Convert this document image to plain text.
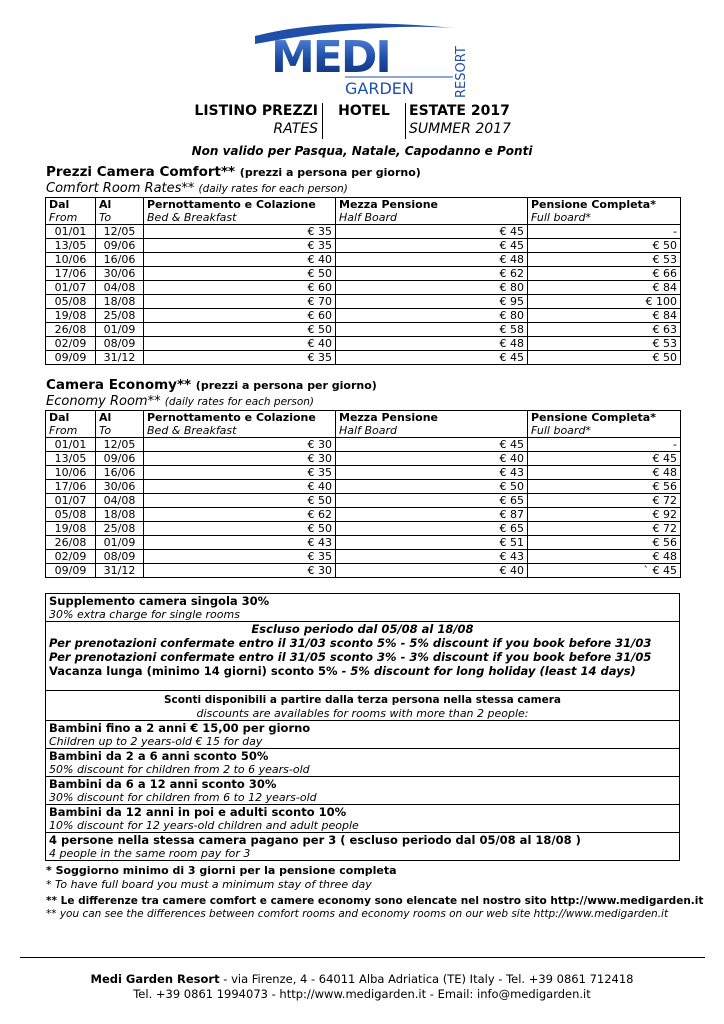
MEDI
GARDEN	RESORT
LISTINO PREZZI HOTEL ESTATE 2017
RATES	SUMMER 2017
Non valido per Pasqua, Natale, Capodanno e Ponti
Prezzi Camera Comfort** (prezzi a persona per giorno)
Comfort Room Rates** (daily rates for each person)
Dal	Al	Pernottamento e Colazione	Mezza Pensione	Pensione Completa*
From	To	Bed & Breakfast	Half Board	Full board*
01/01	12/05	€ 35	€ 45	-
13/05	09/06	€ 35	€ 45	€ 50
10/06	16/06	€ 40	€ 48	€ 53
17/06	30/06	€ 50	€ 62	€ 66
01/07	04/08	€ 60	€ 80	€ 84
05/08	18/08	€ 70	€ 95	€ 100
19/08	25/08	€ 60	€ 80	€ 84
26/08	01/09	€ 50	€ 58	€ 63
02/09	08/09	€ 40	€ 48	€ 53
09/09	31/12	€ 35	€ 45	€ 50
Camera Economy** (prezzi a persona per giorno)
Economy Room** (daily rates for each person)
Dal	Al	Pernottamento e Colazione	Mezza Pensione	Pensione Completa*
From	To	Bed & Breakfast	Half Board	Full board*
01/01	12/05	€ 30	€ 45	-
13/05	09/06	€ 30	€ 40	€ 45
10/06	16/06	€ 35	€ 43	€ 48
17/06	30/06	€ 40	€ 50	€ 56
01/07	04/08	€ 50	€ 65	€ 72
05/08	18/08	€ 62	€ 87	€ 92
19/08	25/08	€ 50	€ 65	€ 72
26/08	01/09	€ 43	€ 51	€ 56
02/09	08/09	€ 35	€ 43	€ 48
09/09	31/12	€ 30	€ 40	` € 45
Supplemento camera singola 30%
30% extra charge for single rooms
Escluso periodo dal 05/08 al 18/08
Per prenotazioni confermate entro il 31/03 sconto 5% - 5% discount if you book before 31/03
Per prenotazioni confermate entro il 31/05 sconto 3% - 3% discount if you book before 31/05
Vacanza lunga (minimo 14 giorni) sconto 5% - 5% discount for long holiday (least 14 days)
Sconti disponibili a partire dalla terza persona nella stessa camera
discounts are availables for rooms with more than 2 people:
Bambini fino a 2 anni € 15,00 per giorno
Children up to 2 years-old € 15 for day
Bambini da 2 a 6 anni sconto 50%
50% discount for children from 2 to 6 years-old
Bambini da 6 a 12 anni sconto 30%
30% discount for children from 6 to 12 years-old
Bambini da 12 anni in poi e adulti sconto 10%
10% discount for 12 years-old children and adult people
4 persone nella stessa camera pagano per 3 ( escluso periodo dal 05/08 al 18/08 )
4 people in the same room pay for 3
* Soggiorno minimo di 3 giorni per la pensione completa
* To have full board you must a minimum stay of three day
** Le differenze tra camere comfort e camere economy sono elencate nel nostro sito http://www.medigarden.it
** you can see the differences between comfort rooms and economy rooms on our web site http://www.medigarden.it
Medi Garden Resort - via Firenze, 4 - 64011 Alba Adriatica (TE) Italy - Tel. +39 0861 712418
Tel. +39 0861 1994073 - http://www.medigarden.it - Email: info@medigarden.it
